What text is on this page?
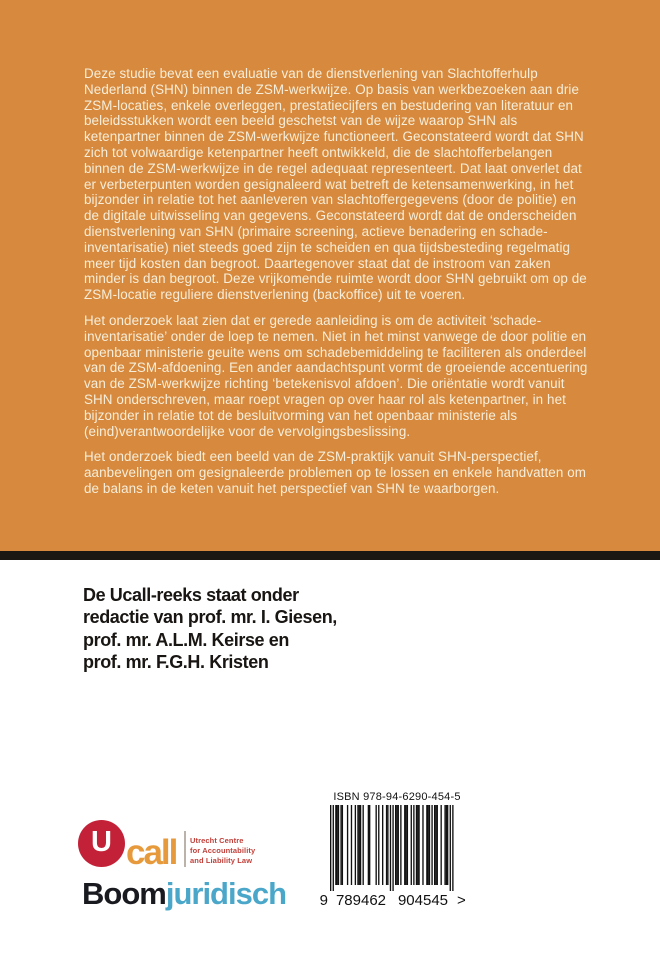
Deze studie bevat een evaluatie van de dienstverlening van Slachtofferhulp Nederland (SHN) binnen de ZSM-werkwijze. Op basis van werkbezoeken aan drie ZSM-locaties, enkele overleggen, prestatiecijfers en bestudering van literatuur en beleidsstukken wordt een beeld geschetst van de wijze waarop SHN als ketenpartner binnen de ZSM-werkwijze functioneert. Geconstateerd wordt dat SHN zich tot volwaardige ketenpartner heeft ontwikkeld, die de slachtofferbelangen binnen de ZSM-werkwijze in de regel adequaat representeert. Dat laat onverlet dat er verbeterpunten worden gesignaleerd wat betreft de ketensamenwerking, in het bijzonder in relatie tot het aanleveren van slachtoffergegevens (door de politie) en de digitale uitwisseling van gegevens. Geconstateerd wordt dat de onderscheiden dienstverlening van SHN (primaire screening, actieve benadering en schade-inventarisatie) niet steeds goed zijn te scheiden en qua tijdsbesteding regelmatig meer tijd kosten dan begroot. Daartegenover staat dat de instroom van zaken minder is dan begroot. Deze vrijkomende ruimte wordt door SHN gebruikt om op de ZSM-locatie reguliere dienstverlening (backoffice) uit te voeren.

Het onderzoek laat zien dat er gerede aanleiding is om de activiteit ‘schade-inventarisatie’ onder de loep te nemen. Niet in het minst vanwege de door politie en openbaar ministerie geuite wens om schadebemiddeling te faciliteren als onderdeel van de ZSM-afdoening. Een ander aandachtspunt vormt de groeiende accentuering van de ZSM-werkwijze richting ‘betekenisvol afdoen’. Die oriëntatie wordt vanuit SHN onderschreven, maar roept vragen op over haar rol als ketenpartner, in het bijzonder in relatie tot de besluitvorming van het openbaar ministerie als (eind)verantwoordelijke voor de vervolgingsbeslissing.

Het onderzoek biedt een beeld van de ZSM-praktijk vanuit SHN-perspectief, aanbevelingen om gesignaleerde problemen op te lossen en enkele handvatten om de balans in de keten vanuit het perspectief van SHN te waarborgen.

De Ucall-reeks staat onder
redactie van prof. mr. I. Giesen,
prof. mr. A.L.M. Keirse en
prof. mr. F.G.H. Kristen
ISBN 978-94-6290-454-5
9 789462 904545 >
U call Utrecht Centre
for Accountability
and Liability Law
Boomjuridisch
